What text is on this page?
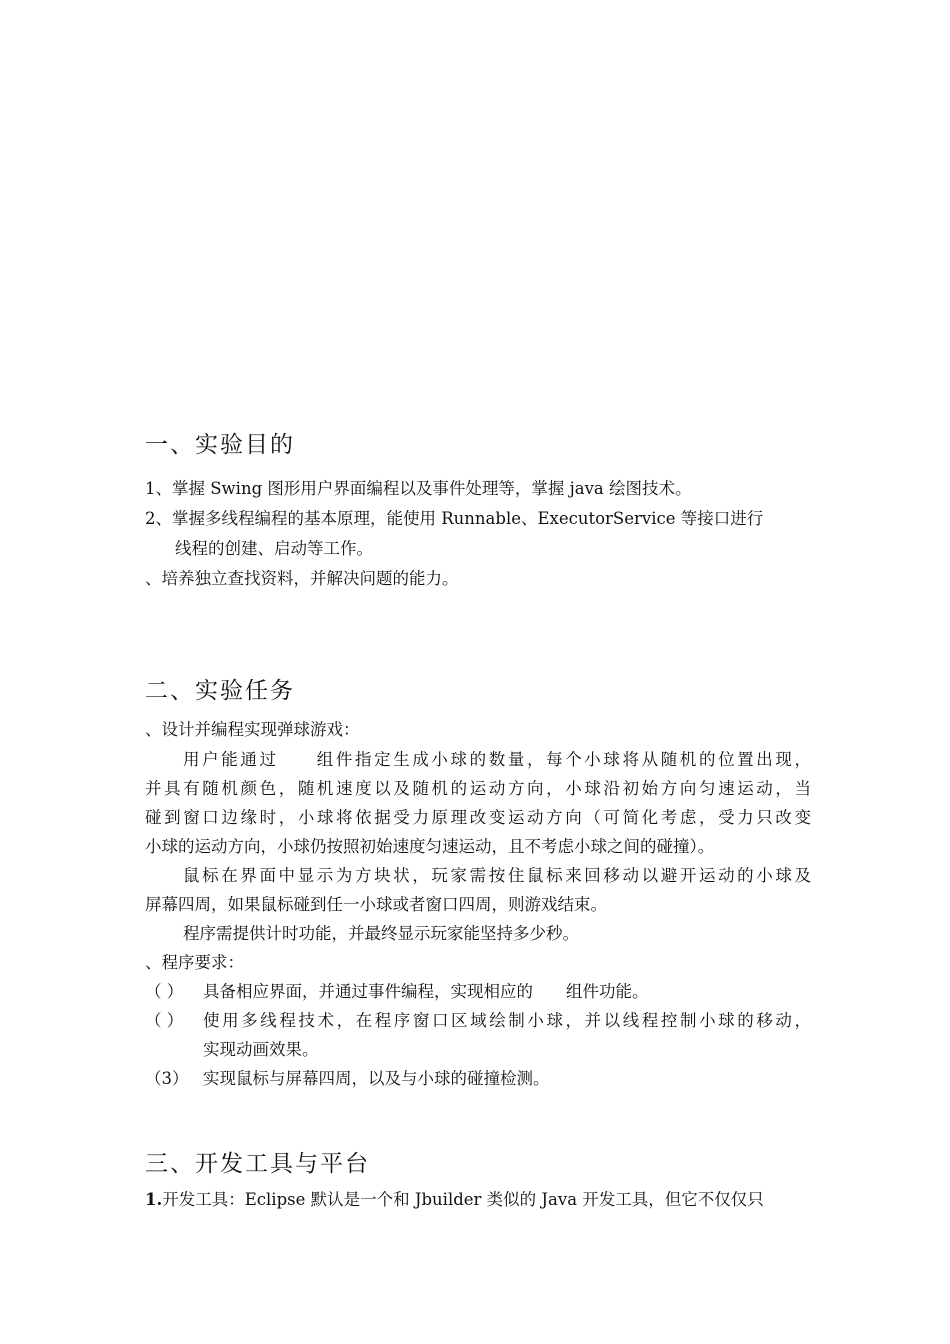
一、实验目的
1、掌握 Swing 图形用户界面编程以及事件处理等，掌握 java 绘图技术。
2、掌握多线程编程的基本原理，能使用 Runnable、ExecutorService 等接口进行
线程的创建、启动等工作。
、培养独立查找资料，并解决问题的能力。
二、实验任务
、设计并编程实现弹球游戏：
用户能通过　　组件指定生成小球的数量，每个小球将从随机的位置出现，
并具有随机颜色，随机速度以及随机的运动方向，小球沿初始方向匀速运动，当
碰到窗口边缘时，小球将依据受力原理改变运动方向（可简化考虑，受力只改变
小球的运动方向，小球仍按照初始速度匀速运动，且不考虑小球之间的碰撞）。
鼠标在界面中显示为方块状，玩家需按住鼠标来回移动以避开运动的小球及
屏幕四周，如果鼠标碰到任一小球或者窗口四周，则游戏结束。
程序需提供计时功能，并最终显示玩家能坚持多少秒。
、程序要求：
（ ） 具备相应界面，并通过事件编程，实现相应的　　组件功能。
（ ） 使用多线程技术，在程序窗口区域绘制小球，并以线程控制小球的移动，
实现动画效果。
（3） 实现鼠标与屏幕四周，以及与小球的碰撞检测。
三、开发工具与平台
1.开发工具：Eclipse 默认是一个和 Jbuilder 类似的 Java 开发工具，但它不仅仅只
